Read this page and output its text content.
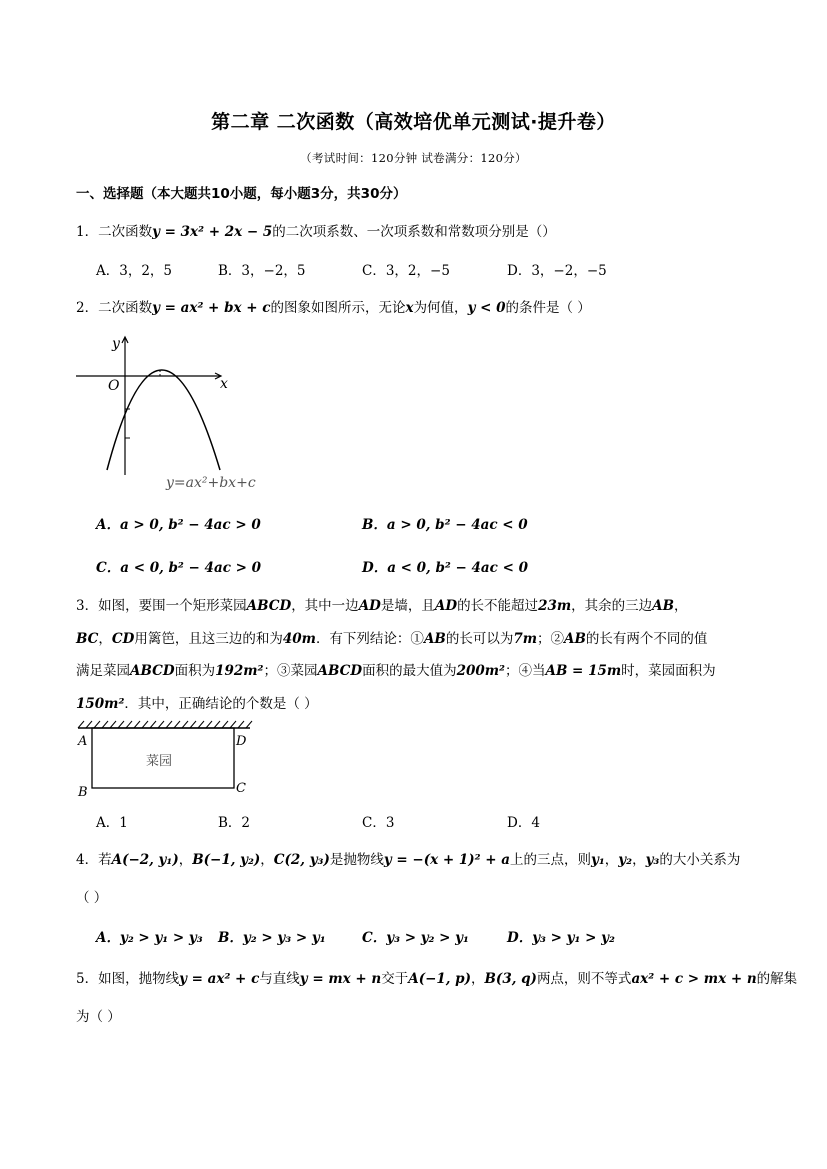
第二章 二次函数（高效培优单元测试·提升卷）
（考试时间：120分钟 试卷满分：120分）
一、选择题（本大题共10小题，每小题3分，共30分）
1．二次函数y = 3x² + 2x − 5的二次项系数、一次项系数和常数项分别是（）
A．3，2，5	B．3，−2，5	C．3，2，−5	D．3，−2，−5
2．二次函数y = ax² + bx + c的图象如图所示，无论x为何值，y < 0的条件是（ ）
y
O	x
y=ax²+bx+c
A．a > 0, b² − 4ac > 0	B．a > 0, b² − 4ac < 0
C．a < 0, b² − 4ac > 0	D．a < 0, b² − 4ac < 0
3．如图，要围一个矩形菜园ABCD，其中一边AD是墙，且AD的长不能超过23m，其余的三边AB，
BC，CD用篱笆，且这三边的和为40m．有下列结论：①AB的长可以为7m；②AB的长有两个不同的值
满足菜园ABCD面积为192m²；③菜园ABCD面积的最大值为200m²；④当AB = 15m时，菜园面积为
150m²．其中，正确结论的个数是（ ）
A
B	C
D
菜园
A．1	B．2	C．3	D．4
4．若A(−2, y₁)，B(−1, y₂)，C(2, y₃)是抛物线y = −(x + 1)² + a上的三点，则y₁，y₂，y₃的大小关系为
（ ）
A．y₂ > y₁ > y₃ B．y₂ > y₃ > y₁	C．y₃ > y₂ > y₁	D．y₃ > y₁ > y₂
5．如图，抛物线y = ax² + c与直线y = mx + n交于A(−1, p)，B(3, q)两点，则不等式ax² + c > mx + n的解集
为（ ）
